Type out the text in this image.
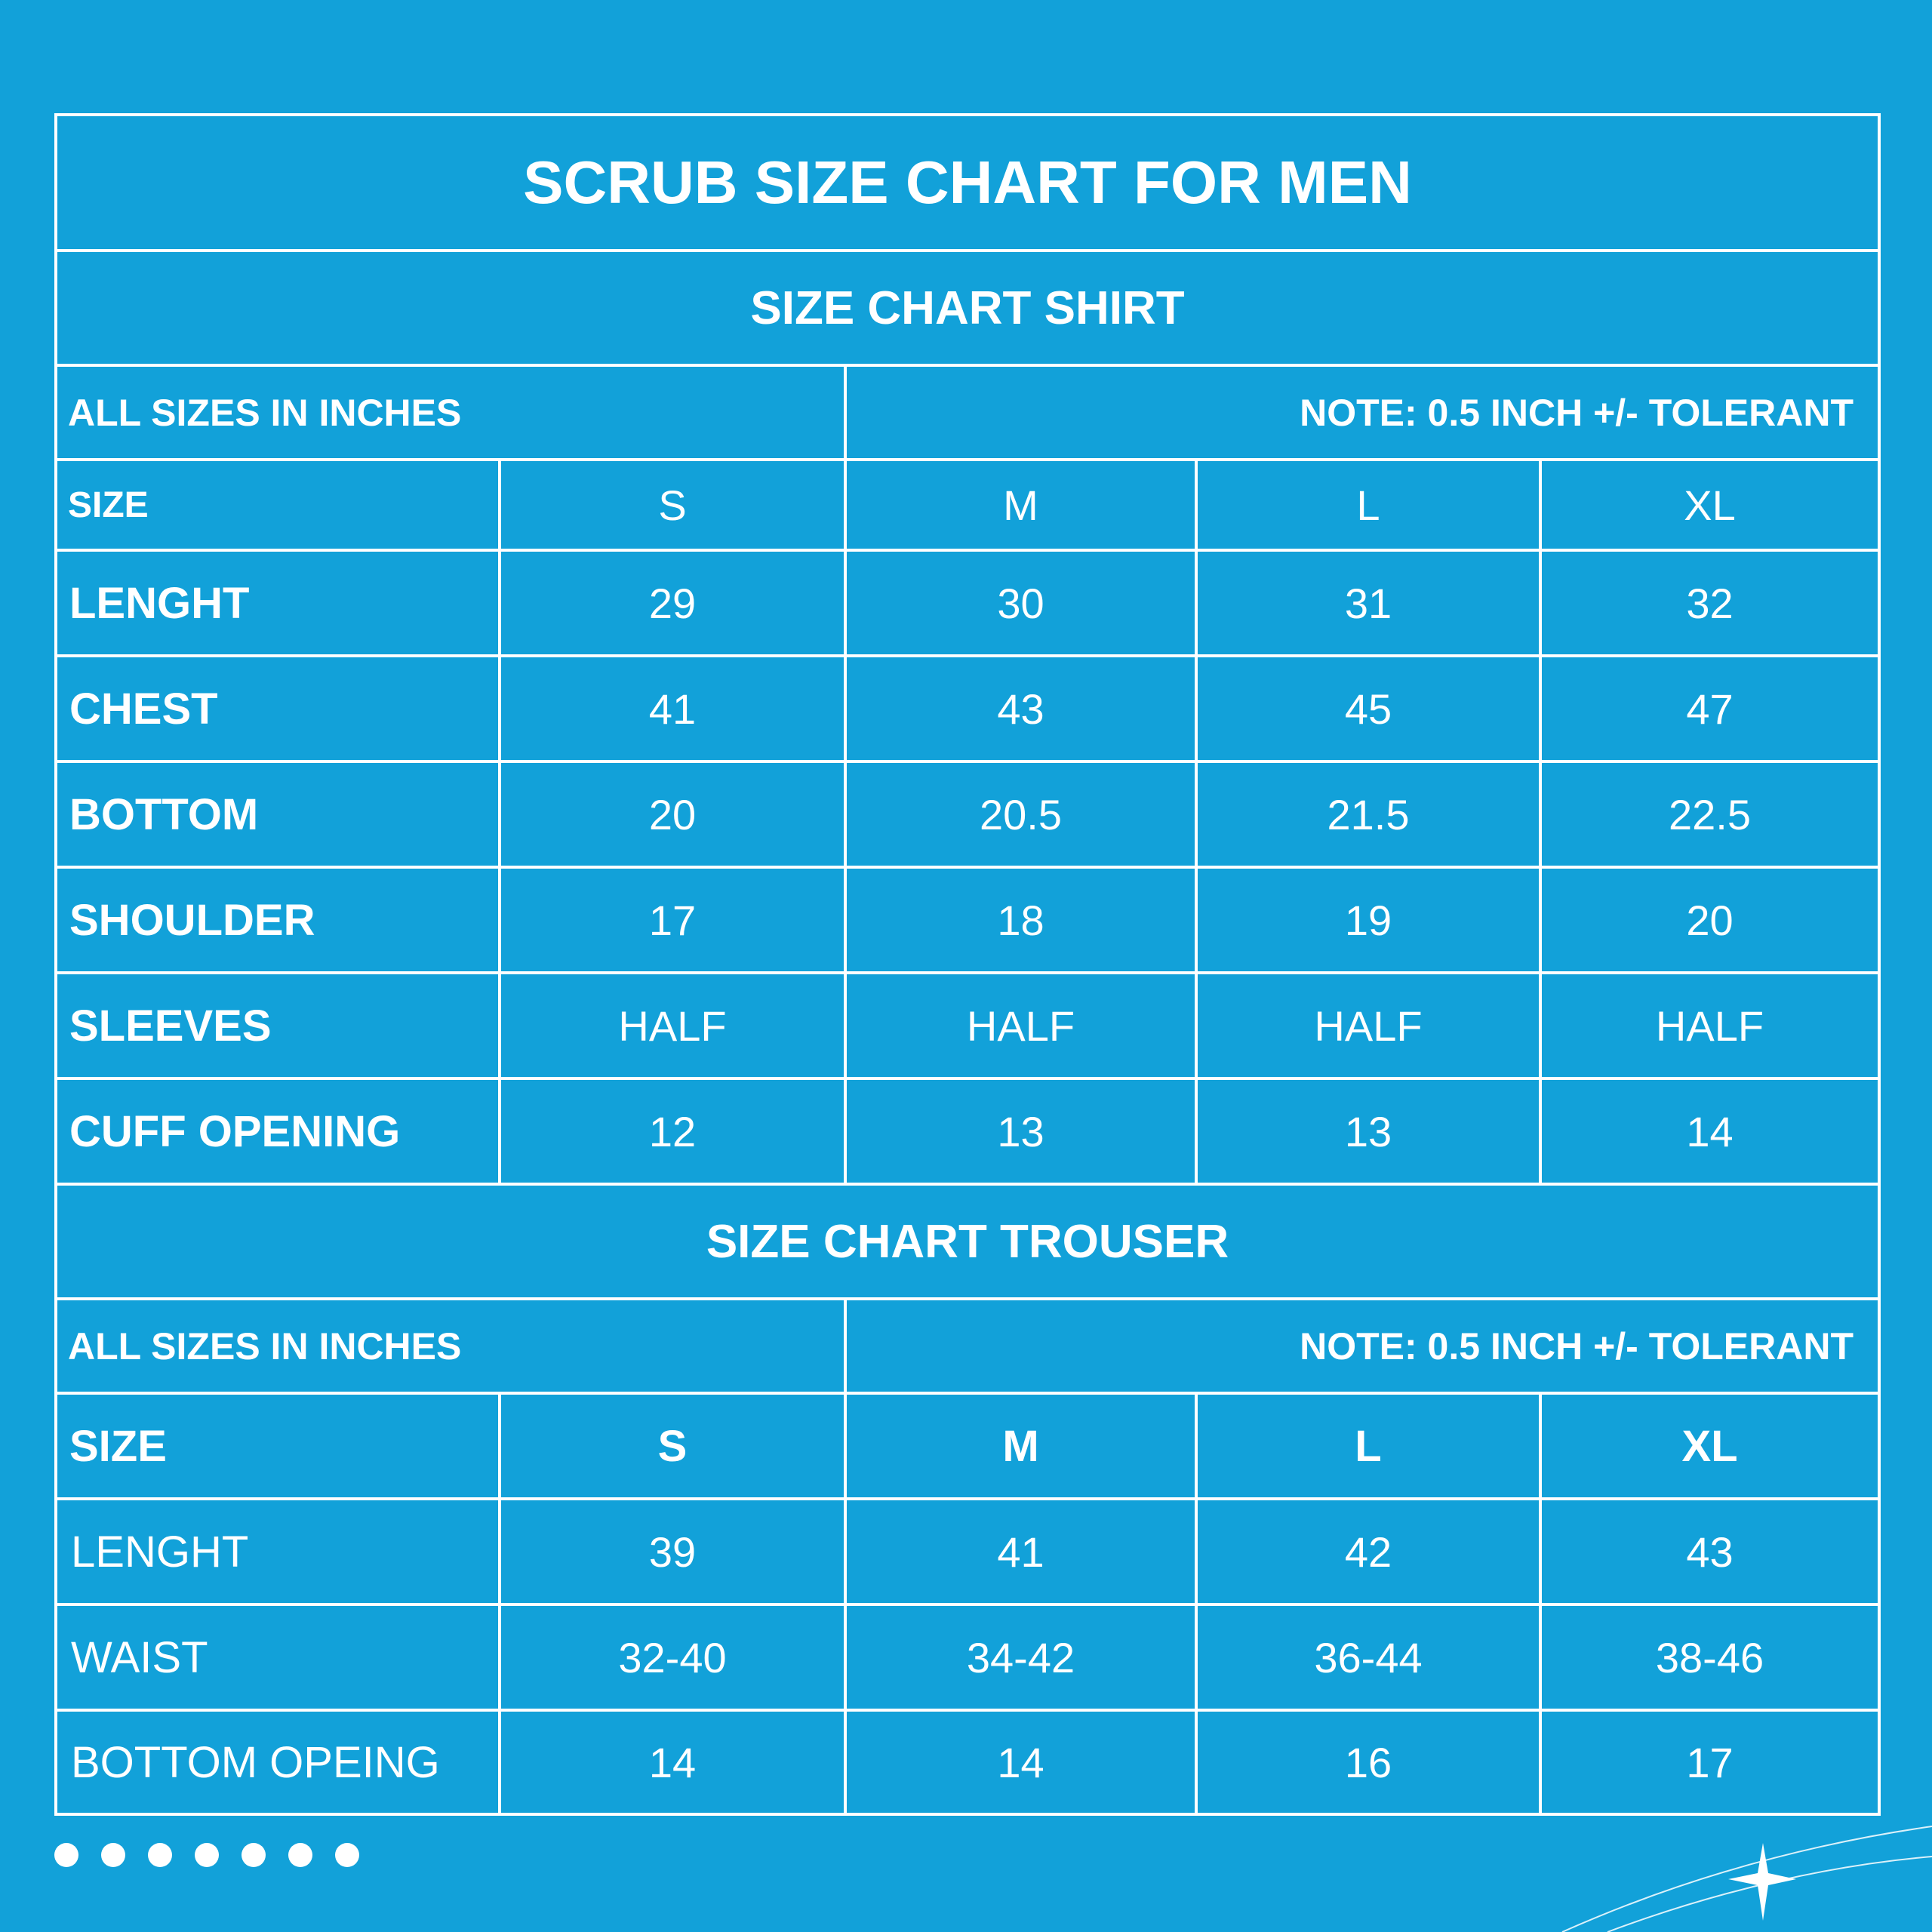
SCRUB SIZE CHART FOR MEN
SIZE CHART SHIRT
ALL SIZES IN INCHES	NOTE: 0.5 INCH +/- TOLERANT
SIZE	S	M	L	XL
LENGHT	29	30	31	32
CHEST	41	43	45	47
BOTTOM	20	20.5	21.5	22.5
SHOULDER	17	18	19	20
SLEEVES	HALF	HALF	HALF	HALF
CUFF OPENING	12	13	13	14
SIZE CHART TROUSER
ALL SIZES IN INCHES	NOTE: 0.5 INCH +/- TOLERANT
SIZE	S	M	L	XL
LENGHT	39	41	42	43
WAIST	32-40	34-42	36-44	38-46
BOTTOM OPEING	14	14	16	17
